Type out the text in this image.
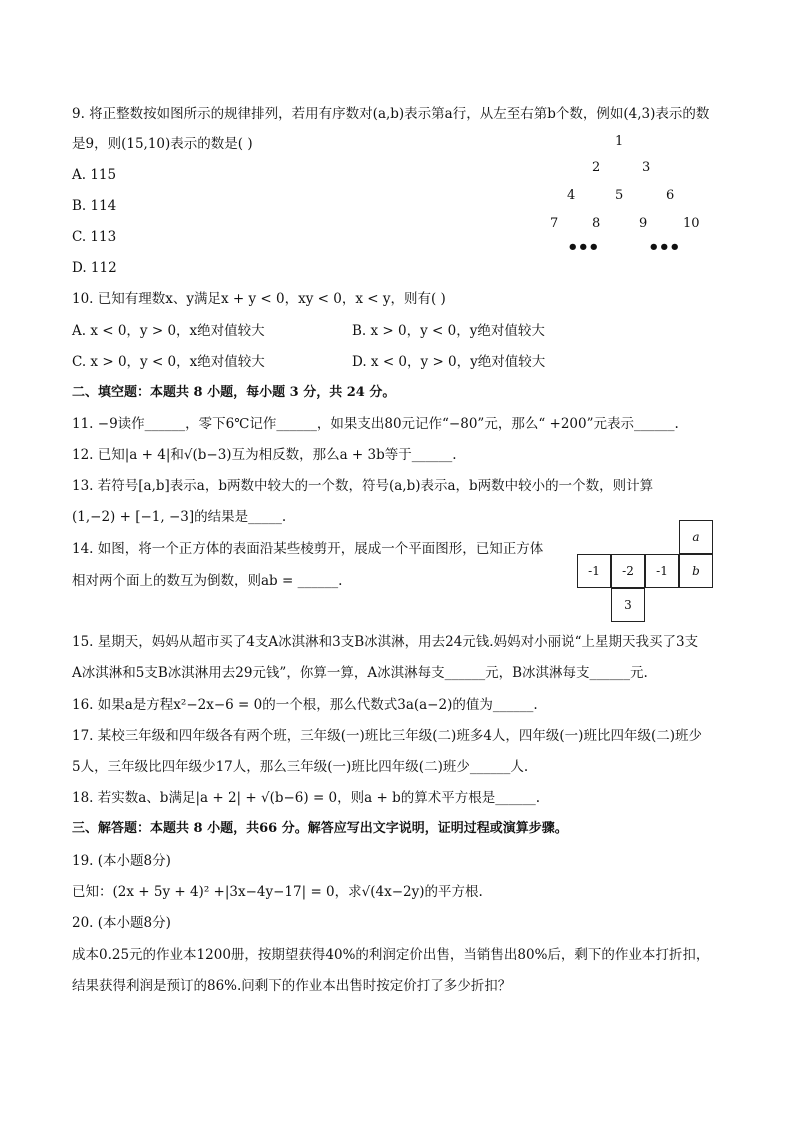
9. 将正整数按如图所示的规律排列，若用有序数对(a,b)表示第a行，从左至右第b个数，例如(4,3)表示的数
是9，则(15,10)表示的数是( )
A. 115
B. 114
C. 113
D. 112
1
2	3
4	5	6
7	8	9	10
•••	•••
10. 已知有理数x、y满足x + y < 0，xy < 0，x < y，则有( )
A. x < 0，y > 0，x绝对值较大	B. x > 0，y < 0，y绝对值较大
C. x > 0，y < 0，x绝对值较大	D. x < 0，y > 0，y绝对值较大
二、填空题：本题共 8 小题，每小题 3 分，共 24 分。
11. −9读作______，零下6℃记作______，如果支出80元记作“−80”元，那么“ +200”元表示______.
12. 已知|a + 4|和√(b−3)互为相反数，那么a + 3b等于______.
13. 若符号[a,b]表示a，b两数中较大的一个数，符号(a,b)表示a，b两数中较小的一个数，则计算
(1,−2) + [−1, −3]的结果是_____.
14. 如图，将一个正方体的表面沿某些棱剪开，展成一个平面图形，已知正方体
相对两个面上的数互为倒数，则ab = ______.
a
-1	-2	-1	b
3
15. 星期天，妈妈从超市买了4支A冰淇淋和3支B冰淇淋，用去24元钱.妈妈对小丽说“上星期天我买了3支
A冰淇淋和5支B冰淇淋用去29元钱”，你算一算，A冰淇淋每支______元，B冰淇淋每支______元.
16. 如果a是方程x²−2x−6 = 0的一个根，那么代数式3a(a−2)的值为______.
17. 某校三年级和四年级各有两个班，三年级(一)班比三年级(二)班多4人，四年级(一)班比四年级(二)班少
5人，三年级比四年级少17人，那么三年级(一)班比四年级(二)班少______人.
18. 若实数a、b满足|a + 2| + √(b−6) = 0，则a + b的算术平方根是______.
三、解答题：本题共 8 小题，共66 分。解答应写出文字说明，证明过程或演算步骤。
19. (本小题8分)
已知：(2x + 5y + 4)² +|3x−4y−17| = 0，求√(4x−2y)的平方根.
20. (本小题8分)
成本0.25元的作业本1200册，按期望获得40%的利润定价出售，当销售出80%后，剩下的作业本打折扣，
结果获得利润是预订的86%.问剩下的作业本出售时按定价打了多少折扣？
